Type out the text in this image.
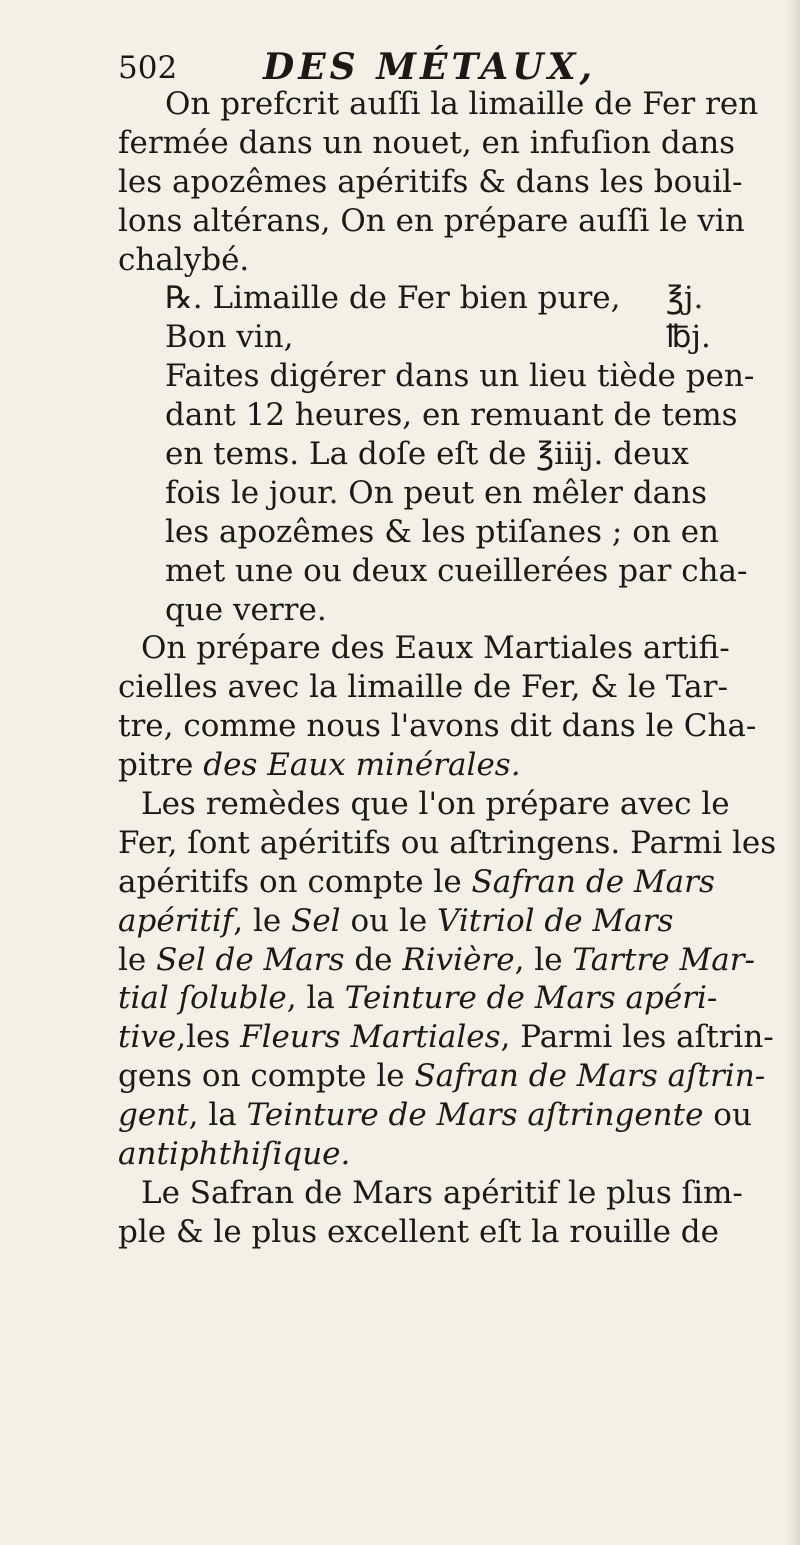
502 DES MÉTAUX,
On prefcrit auſſi la limaille de Fer ren
fermée dans un nouet, en infuſion dans
les apozêmes apéritifs & dans les bouil-
lons altérans, On en prépare auſſi le vin
chalybé.
℞. Limaille de Fer bien pure, ℥j.
Bon vin,	℔j.
Faites digérer dans un lieu tiède pen-
dant 12 heures, en remuant de tems
en tems. La doſe eſt de ℥iiij. deux
fois le jour. On peut en mêler dans
les apozêmes & les ptiſanes ; on en
met une ou deux cueillerées par cha-
que verre.
On prépare des Eaux Martiales artifi-
cielles avec la limaille de Fer, & le Tar-
tre, comme nous l'avons dit dans le Cha-
pitre des Eaux minérales.
Les remèdes que l'on prépare avec le
Fer, ſont apéritifs ou aſtringens. Parmi les
apéritifs on compte le Safran de Mars
apéritif, le Sel ou le Vitriol de Mars
le Sel de Mars de Rivière, le Tartre Mar-
tial ſoluble, la Teinture de Mars apéri-
tive,les Fleurs Martiales, Parmi les aſtrin-
gens on compte le Safran de Mars aſtrin-
gent, la Teinture de Mars aſtringente ou
antiphthiſique.
Le Safran de Mars apéritif le plus ſim-
ple & le plus excellent eſt la rouille de
